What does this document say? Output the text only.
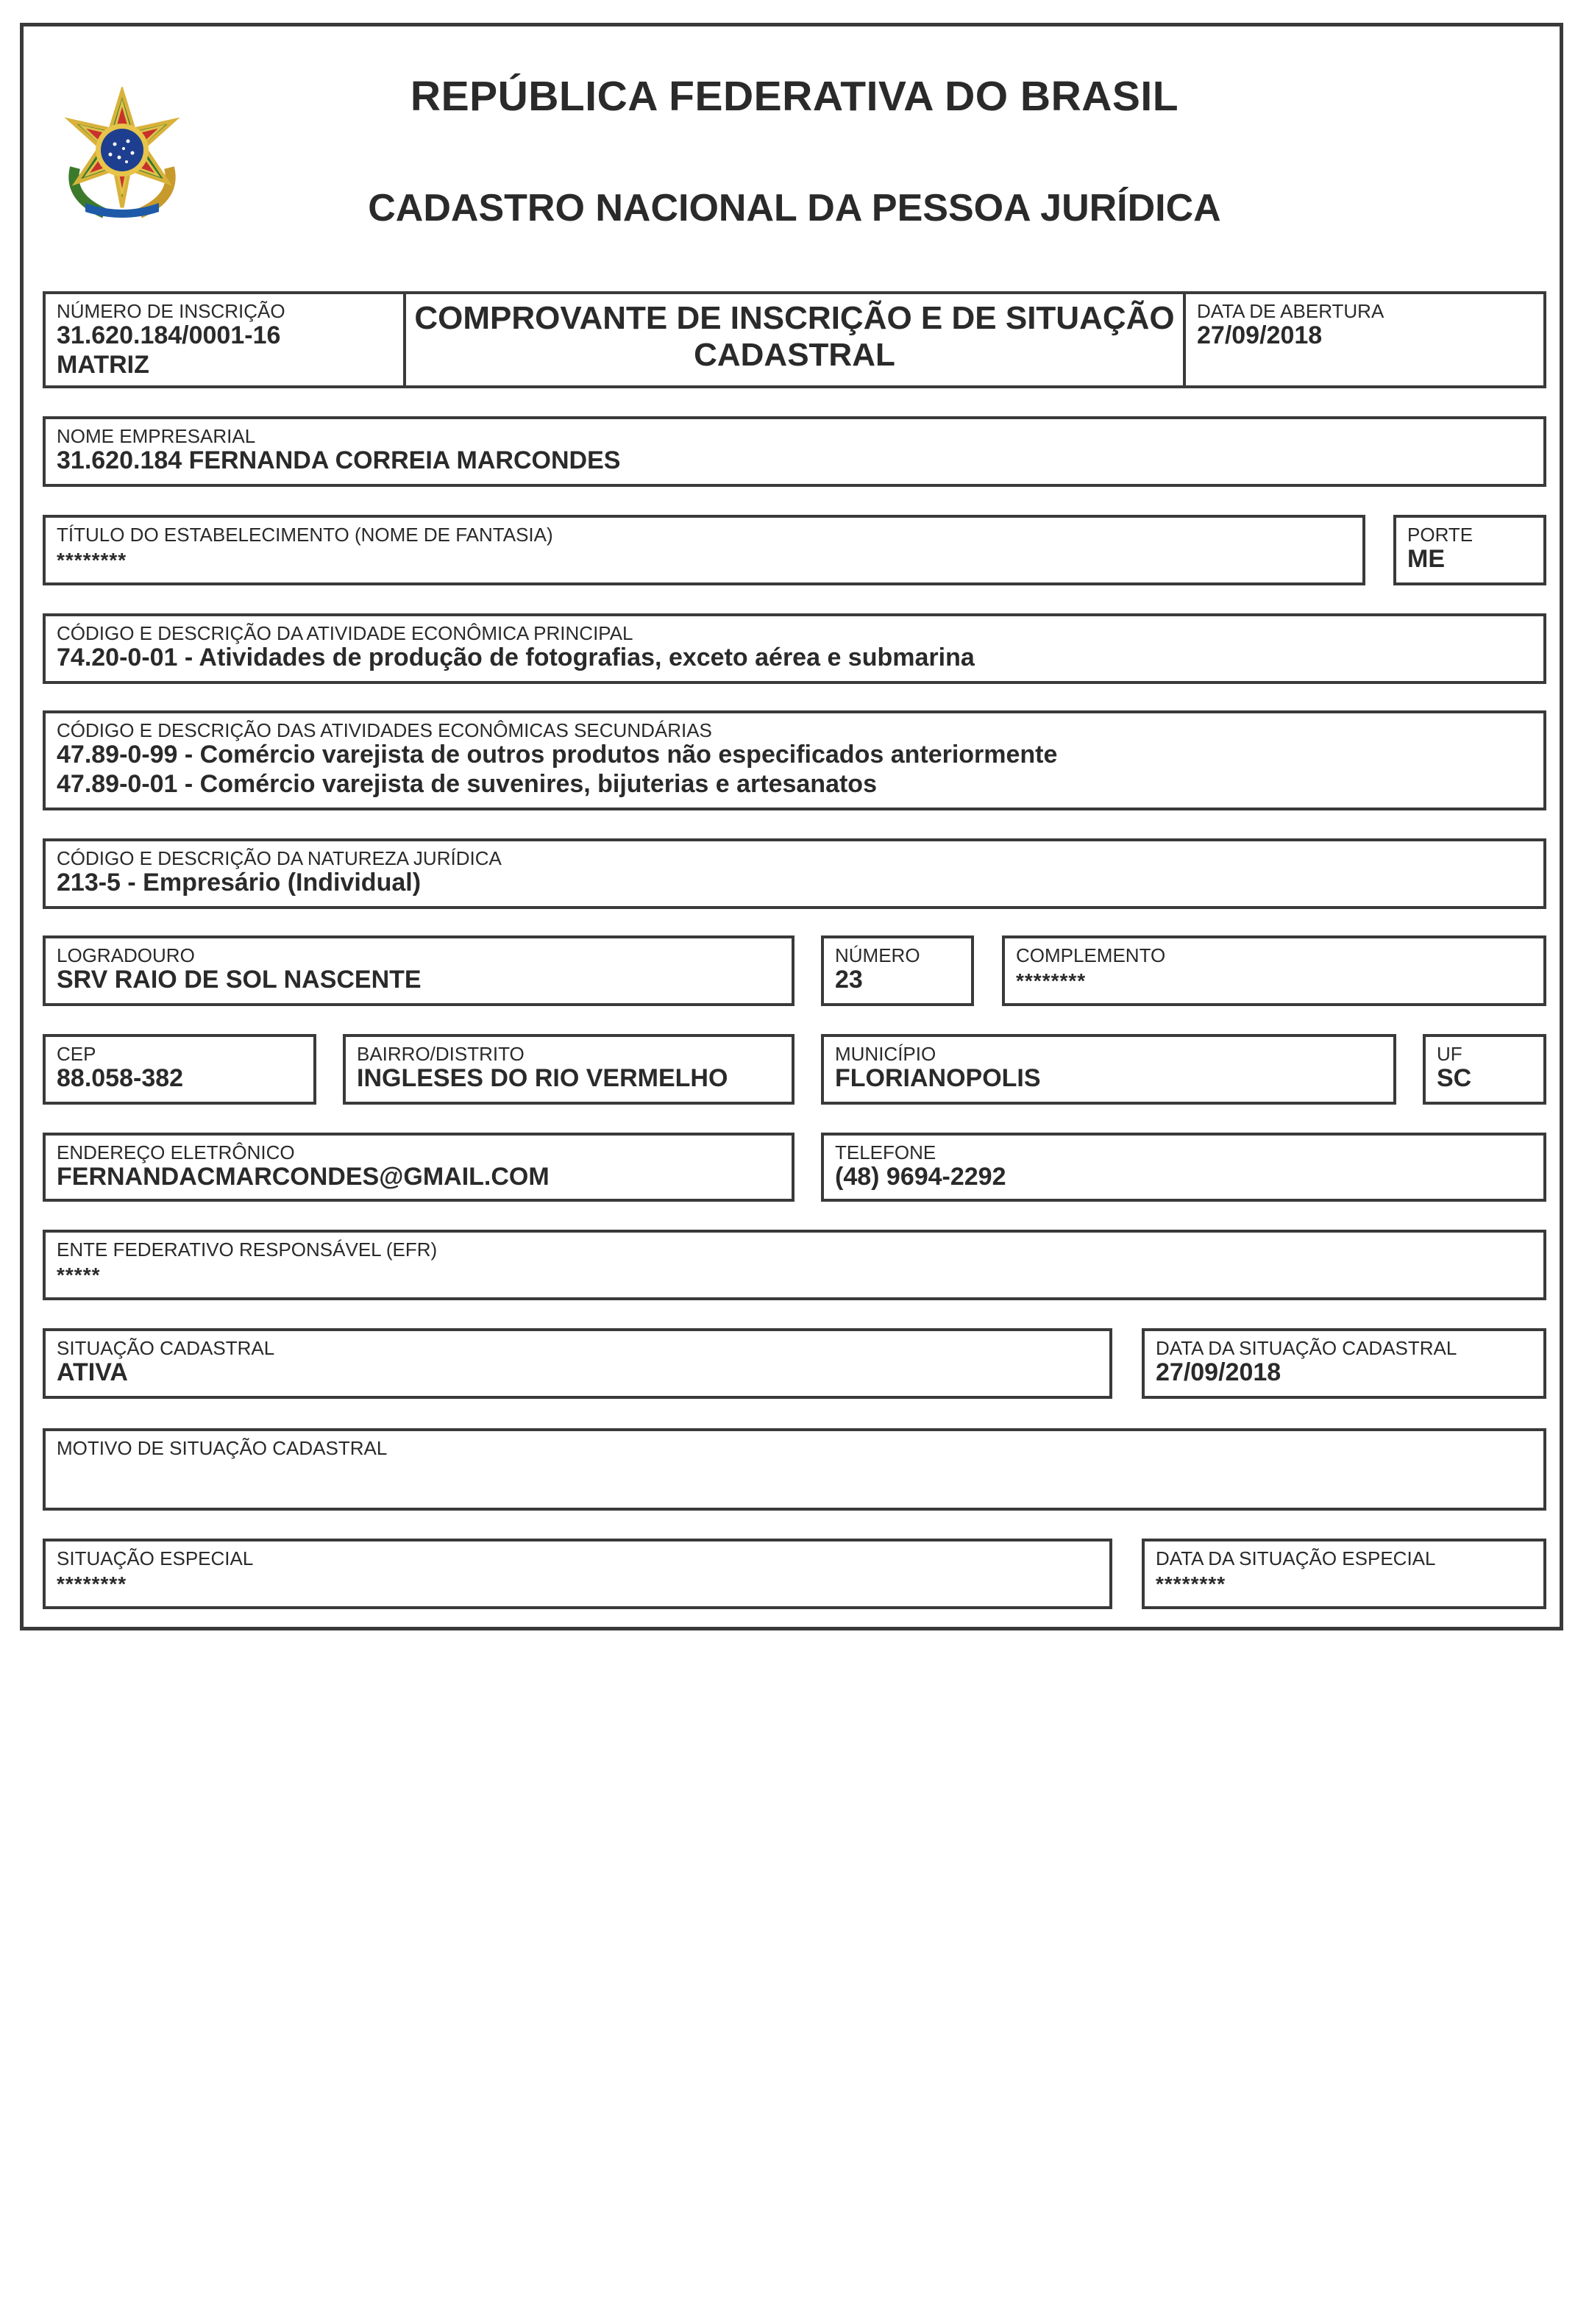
REPÚBLICA FEDERATIVA DO BRASIL
CADASTRO NACIONAL DA PESSOA JURÍDICA
NÚMERO DE INSCRIÇÃO
31.620.184/0001-16
MATRIZ
COMPROVANTE DE INSCRIÇÃO E DE SITUAÇÃO
CADASTRAL
DATA DE ABERTURA
27/09/2018
NOME EMPRESARIAL
31.620.184 FERNANDA CORREIA MARCONDES
TÍTULO DO ESTABELECIMENTO (NOME DE FANTASIA)
********
PORTE
ME
CÓDIGO E DESCRIÇÃO DA ATIVIDADE ECONÔMICA PRINCIPAL
74.20-0-01 - Atividades de produção de fotografias, exceto aérea e submarina
CÓDIGO E DESCRIÇÃO DAS ATIVIDADES ECONÔMICAS SECUNDÁRIAS
47.89-0-99 - Comércio varejista de outros produtos não especificados anteriormente
47.89-0-01 - Comércio varejista de suvenires, bijuterias e artesanatos
CÓDIGO E DESCRIÇÃO DA NATUREZA JURÍDICA
213-5 - Empresário (Individual)
LOGRADOURO
SRV RAIO DE SOL NASCENTE
NÚMERO
23
COMPLEMENTO
********
CEP
88.058-382
BAIRRO/DISTRITO
INGLESES DO RIO VERMELHO
MUNICÍPIO
FLORIANOPOLIS
UF
SC
ENDEREÇO ELETRÔNICO
FERNANDACMARCONDES@GMAIL.COM
TELEFONE
(48) 9694-2292
ENTE FEDERATIVO RESPONSÁVEL (EFR)
*****
SITUAÇÃO CADASTRAL
ATIVA
DATA DA SITUAÇÃO CADASTRAL
27/09/2018
MOTIVO DE SITUAÇÃO CADASTRAL
SITUAÇÃO ESPECIAL
********
DATA DA SITUAÇÃO ESPECIAL
********
